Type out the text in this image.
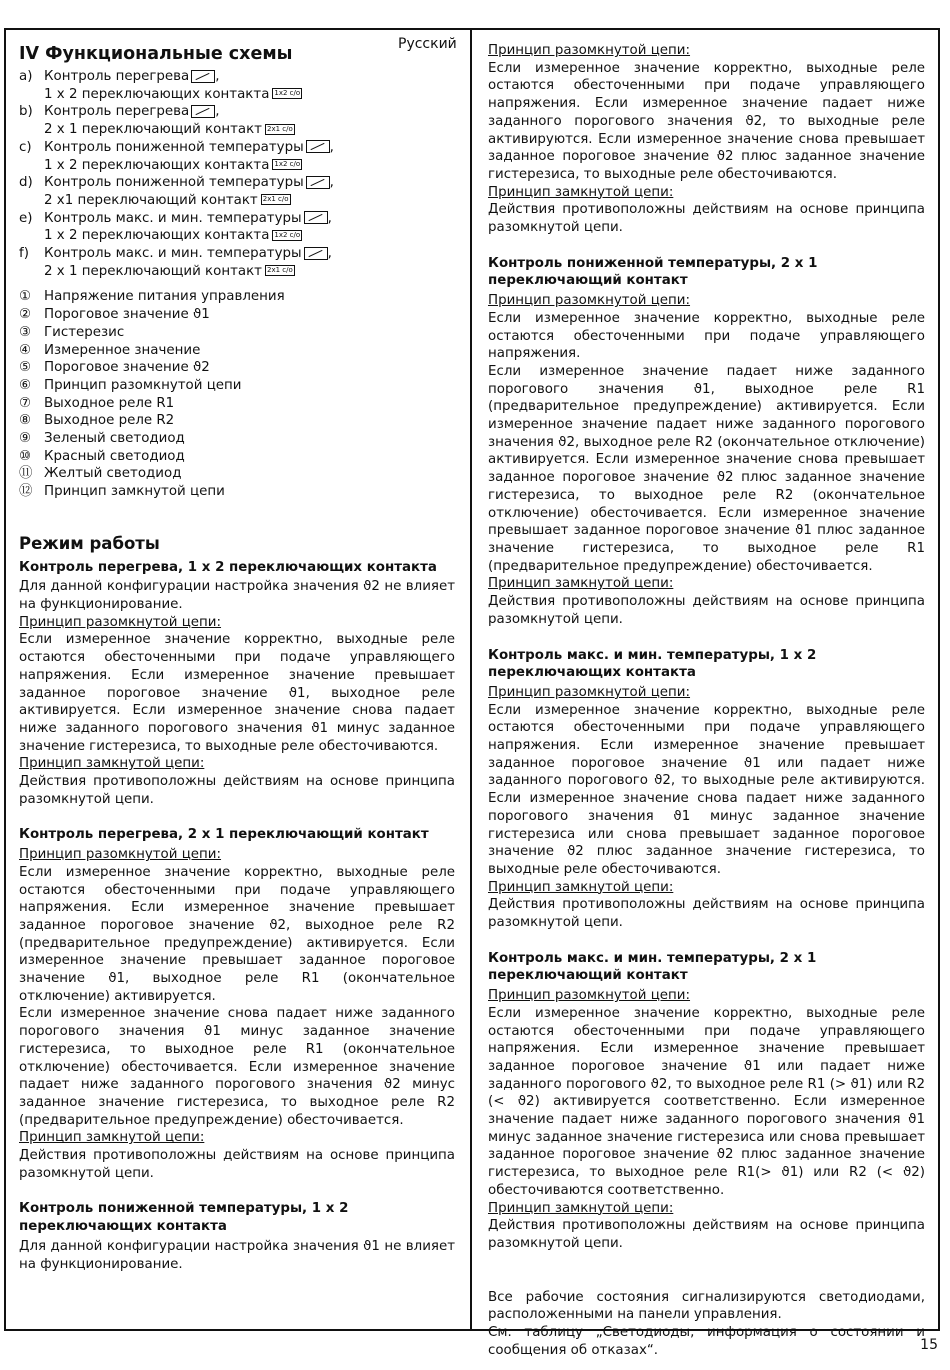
Русский
IV Функциональные схемы
a) Контроль перегрева ,
1 x 2 переключающих контакта 1x2 c/o
b) Контроль перегрева ,
2 x 1 переключающий контакт 2x1 c/o
c) Контроль пониженной температуры ,
1 x 2 переключающих контакта 1x2 c/o
d) Контроль пониженной температуры ,
2 x1 переключающий контакт 2x1 c/o
e) Контроль макс. и мин. температуры ,
1 x 2 переключающих контакта 1x2 c/o
f)	Контроль макс. и мин. температуры ,
2 x 1 переключающий контакт 2x1 c/o
① Напряжение питания управления
② Пороговое значение ϑ1
③ Гистерезис
④ Измеренное значение
⑤ Пороговое значение ϑ2
⑥ Принцип разомкнутой цепи
⑦ Выходное реле R1
⑧ Выходное реле R2
⑨ Зеленый светодиод
⑩ Красный светодиод
⑪ Желтый светодиод
⑫ Принцип замкнутой цепи
Режим работы
Контроль перегрева, 1 x 2 переключающих контакта

Для данной конфигурации настройка значения ϑ2 не влияет на функционирование.

Принцип разомкнутой цепи:

Если измеренное значение корректно, выходные реле остаются обесточенными при подаче управляющего напряжения. Если измеренное значение превышает заданное пороговое значение ϑ1, выходное реле активируется. Если измеренное значение снова падает ниже заданного порогового значения ϑ1 минус заданное значение гистерезиса, то выходные реле обесточиваются.

Принцип замкнутой цепи:

Действия противоположны действиям на основе принципа разомкнутой цепи.

Контроль перегрева, 2 x 1 переключающий контакт
Принцип разомкнутой цепи:

Если измеренное значение корректно, выходные реле остаются обесточенными при подаче управляющего напряжения. Если измеренное значение превышает заданное пороговое значение ϑ2, выходное реле R2 (предварительное предупреждение) активируется. Если измеренное значение превышает заданное пороговое значение ϑ1, выходное реле R1 (окончательное отключение) активируется.

Если измеренное значение снова падает ниже заданного порогового значения ϑ1 минус заданное значение гистерезиса, то выходное реле R1 (окончательное отключение) обесточивается. Если измеренное значение падает ниже заданного порогового значения ϑ2 минус заданное значение гистерезиса, то выходное реле R2 (предварительное предупреждение) обесточивается.

Принцип замкнутой цепи:

Действия противоположны действиям на основе принципа разомкнутой цепи.

Контроль пониженной температуры, 1 x 2 переключающих контакта

Для данной конфигурации настройка значения ϑ1 не влияет на функционирование.

Принцип разомкнутой цепи:

Если измеренное значение корректно, выходные реле остаются обесточенными при подаче управляющего напряжения. Если измеренное значение падает ниже заданного порогового значения ϑ2, то выходные реле активируются. Если измеренное значение снова превышает заданное пороговое значение ϑ2 плюс заданное значение гистерезиса, то выходные реле обесточиваются.

Принцип замкнутой цепи:

Действия противоположны действиям на основе принципа разомкнутой цепи.

Контроль пониженной температуры, 2 x 1 переключающий контакт
Принцип разомкнутой цепи:

Если измеренное значение корректно, выходные реле остаются обесточенными при подаче управляющего напряжения.

Если измеренное значение падает ниже заданного порогового значения ϑ1, выходное реле R1 (предварительное предупреждение) активируется. Если измеренное значение падает ниже заданного порогового значения ϑ2, выходное реле R2 (окончательное отключение) активируется. Если измеренное значение снова превышает заданное пороговое значение ϑ2 плюс заданное значение гистерезиса, то выходное реле R2 (окончательное отключение) обесточивается. Если измеренное значение превышает заданное пороговое значение ϑ1 плюс заданное значение гистерезиса, то выходное реле R1 (предварительное предупреждение) обесточивается.

Принцип замкнутой цепи:

Действия противоположны действиям на основе принципа разомкнутой цепи.

Контроль макс. и мин. температуры, 1 x 2 переключающих контакта
Принцип разомкнутой цепи:

Если измеренное значение корректно, выходные реле остаются обесточенными при подаче управляющего напряжения. Если измеренное значение превышает заданное пороговое значение ϑ1 или падает ниже заданного порогового ϑ2, то выходные реле активируются. Если измеренное значение снова падает ниже заданного порогового значения ϑ1 минус заданное значение гистерезиса или снова превышает заданное пороговое значение ϑ2 плюс заданное значение гистерезиса, то выходные реле обесточиваются.

Принцип замкнутой цепи:

Действия противоположны действиям на основе принципа разомкнутой цепи.

Контроль макс. и мин. температуры, 2 x 1 переключающий контакт
Принцип разомкнутой цепи:

Если измеренное значение корректно, выходные реле остаются обесточенными при подаче управляющего напряжения. Если измеренное значение превышает заданное пороговое значение ϑ1 или падает ниже заданного порогового ϑ2, то выходное реле R1 (> ϑ1) или R2 (< ϑ2) активируется соответственно. Если измеренное значение падает ниже заданного порогового значения ϑ1 минус заданное значение гистерезиса или снова превышает заданное пороговое значение ϑ2 плюс заданное значение гистерезиса, то выходное реле R1(> ϑ1) или R2 (< ϑ2) обесточиваются соответственно.

Принцип замкнутой цепи:

Действия противоположны действиям на основе принципа разомкнутой цепи.

Все рабочие состояния сигнализируются светодиодами, расположенными на панели управления.

См. таблицу „Светодиоды, информация о состоянии и сообщения об отказах“.	15
